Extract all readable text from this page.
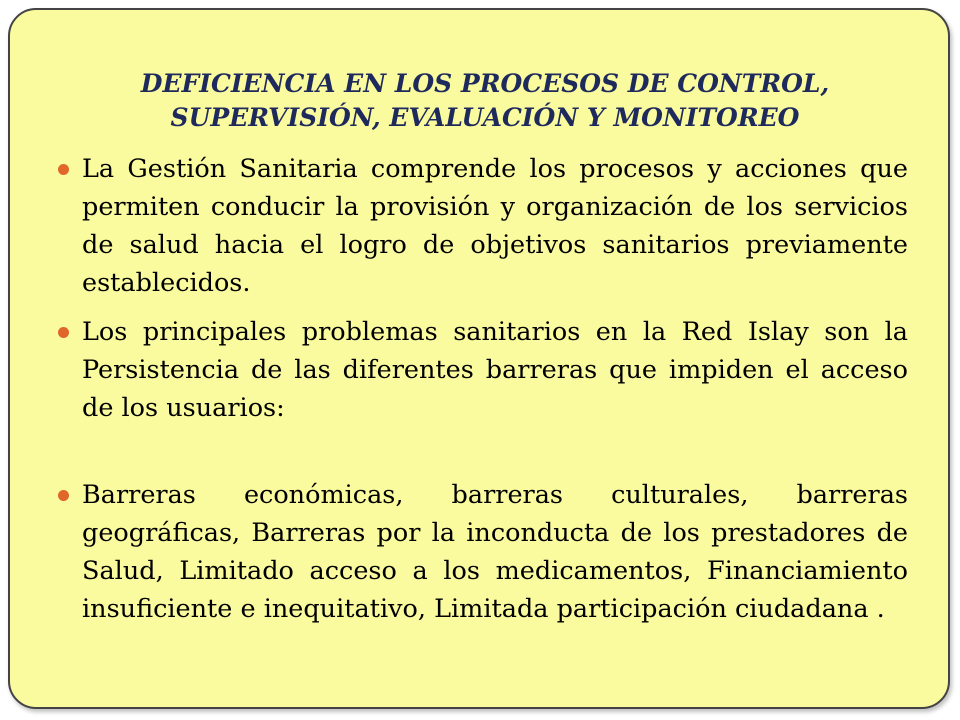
DEFICIENCIA EN LOS PROCESOS DE CONTROL,
SUPERVISIÓN, EVALUACIÓN Y MONITOREO
La Gestión Sanitaria comprende los procesos y acciones que permiten conducir la provisión y organización de los servicios de salud hacia el logro de objetivos sanitarios previamente establecidos.
Los principales problemas sanitarios en la Red Islay son la Persistencia de las diferentes barreras que impiden el acceso de los usuarios:
Barreras económicas, barreras culturales, barreras geográficas, Barreras por la inconducta de los prestadores de Salud, Limitado acceso a los medicamentos, Financiamiento insuficiente e inequitativo, Limitada participación ciudadana .
